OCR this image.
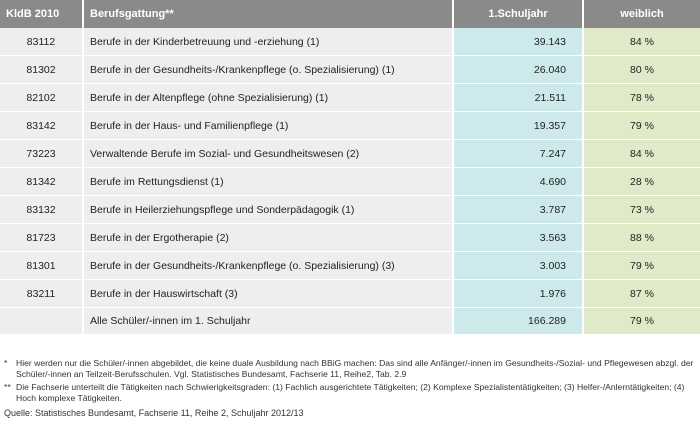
KldB 2010	Berufsgattung**	1.Schuljahr	weiblich
83112	Berufe in der Kinderbetreuung und -erziehung (1)	39.143	84 %
81302	Berufe in der Gesundheits-/Krankenpflege (o. Spezialisierung) (1)	26.040	80 %
82102	Berufe in der Altenpflege (ohne Spezialisierung) (1)	21.511	78 %
83142	Berufe in der Haus- und Familienpflege (1)	19.357	79 %
73223	Verwaltende Berufe im Sozial- und Gesundheitswesen (2)	7.247	84 %
81342	Berufe im Rettungsdienst (1)	4.690	28 %
83132	Berufe in Heilerziehungspflege und Sonderpädagogik (1)	3.787	73 %
81723	Berufe in der Ergotherapie (2)	3.563	88 %
81301	Berufe in der Gesundheits-/Krankenpflege (o. Spezialisierung) (3)	3.003	79 %
83211	Berufe in der Hauswirtschaft (3)	1.976	87 %
	Alle Schüler/-innen im 1. Schuljahr	166.289	79 %
*	Hier werden nur die Schüler/-innen abgebildet, die keine duale Ausbildung nach BBiG machen: Das sind alle Anfänger/-innen im Gesundheits-/Sozial- und Pflegewesen abzgl. der Schüler/-innen an Teilzeit-Berufsschulen. Vgl. Statistisches Bundesamt, Fachserie 11, Reihe2, Tab. 2.9
** Die Fachserie unterteilt die Tätigkeiten nach Schwierigkeitsgraden: (1) Fachlich ausgerichtete Tätigkeiten; (2) Komplexe Spezialistentätigkeiten; (3) Helfer-/Anlerntätigkeiten; (4) Hoch komplexe Tätigkeiten.
Quelle: Statistisches Bundesamt, Fachserie 11, Reihe 2, Schuljahr 2012/13
